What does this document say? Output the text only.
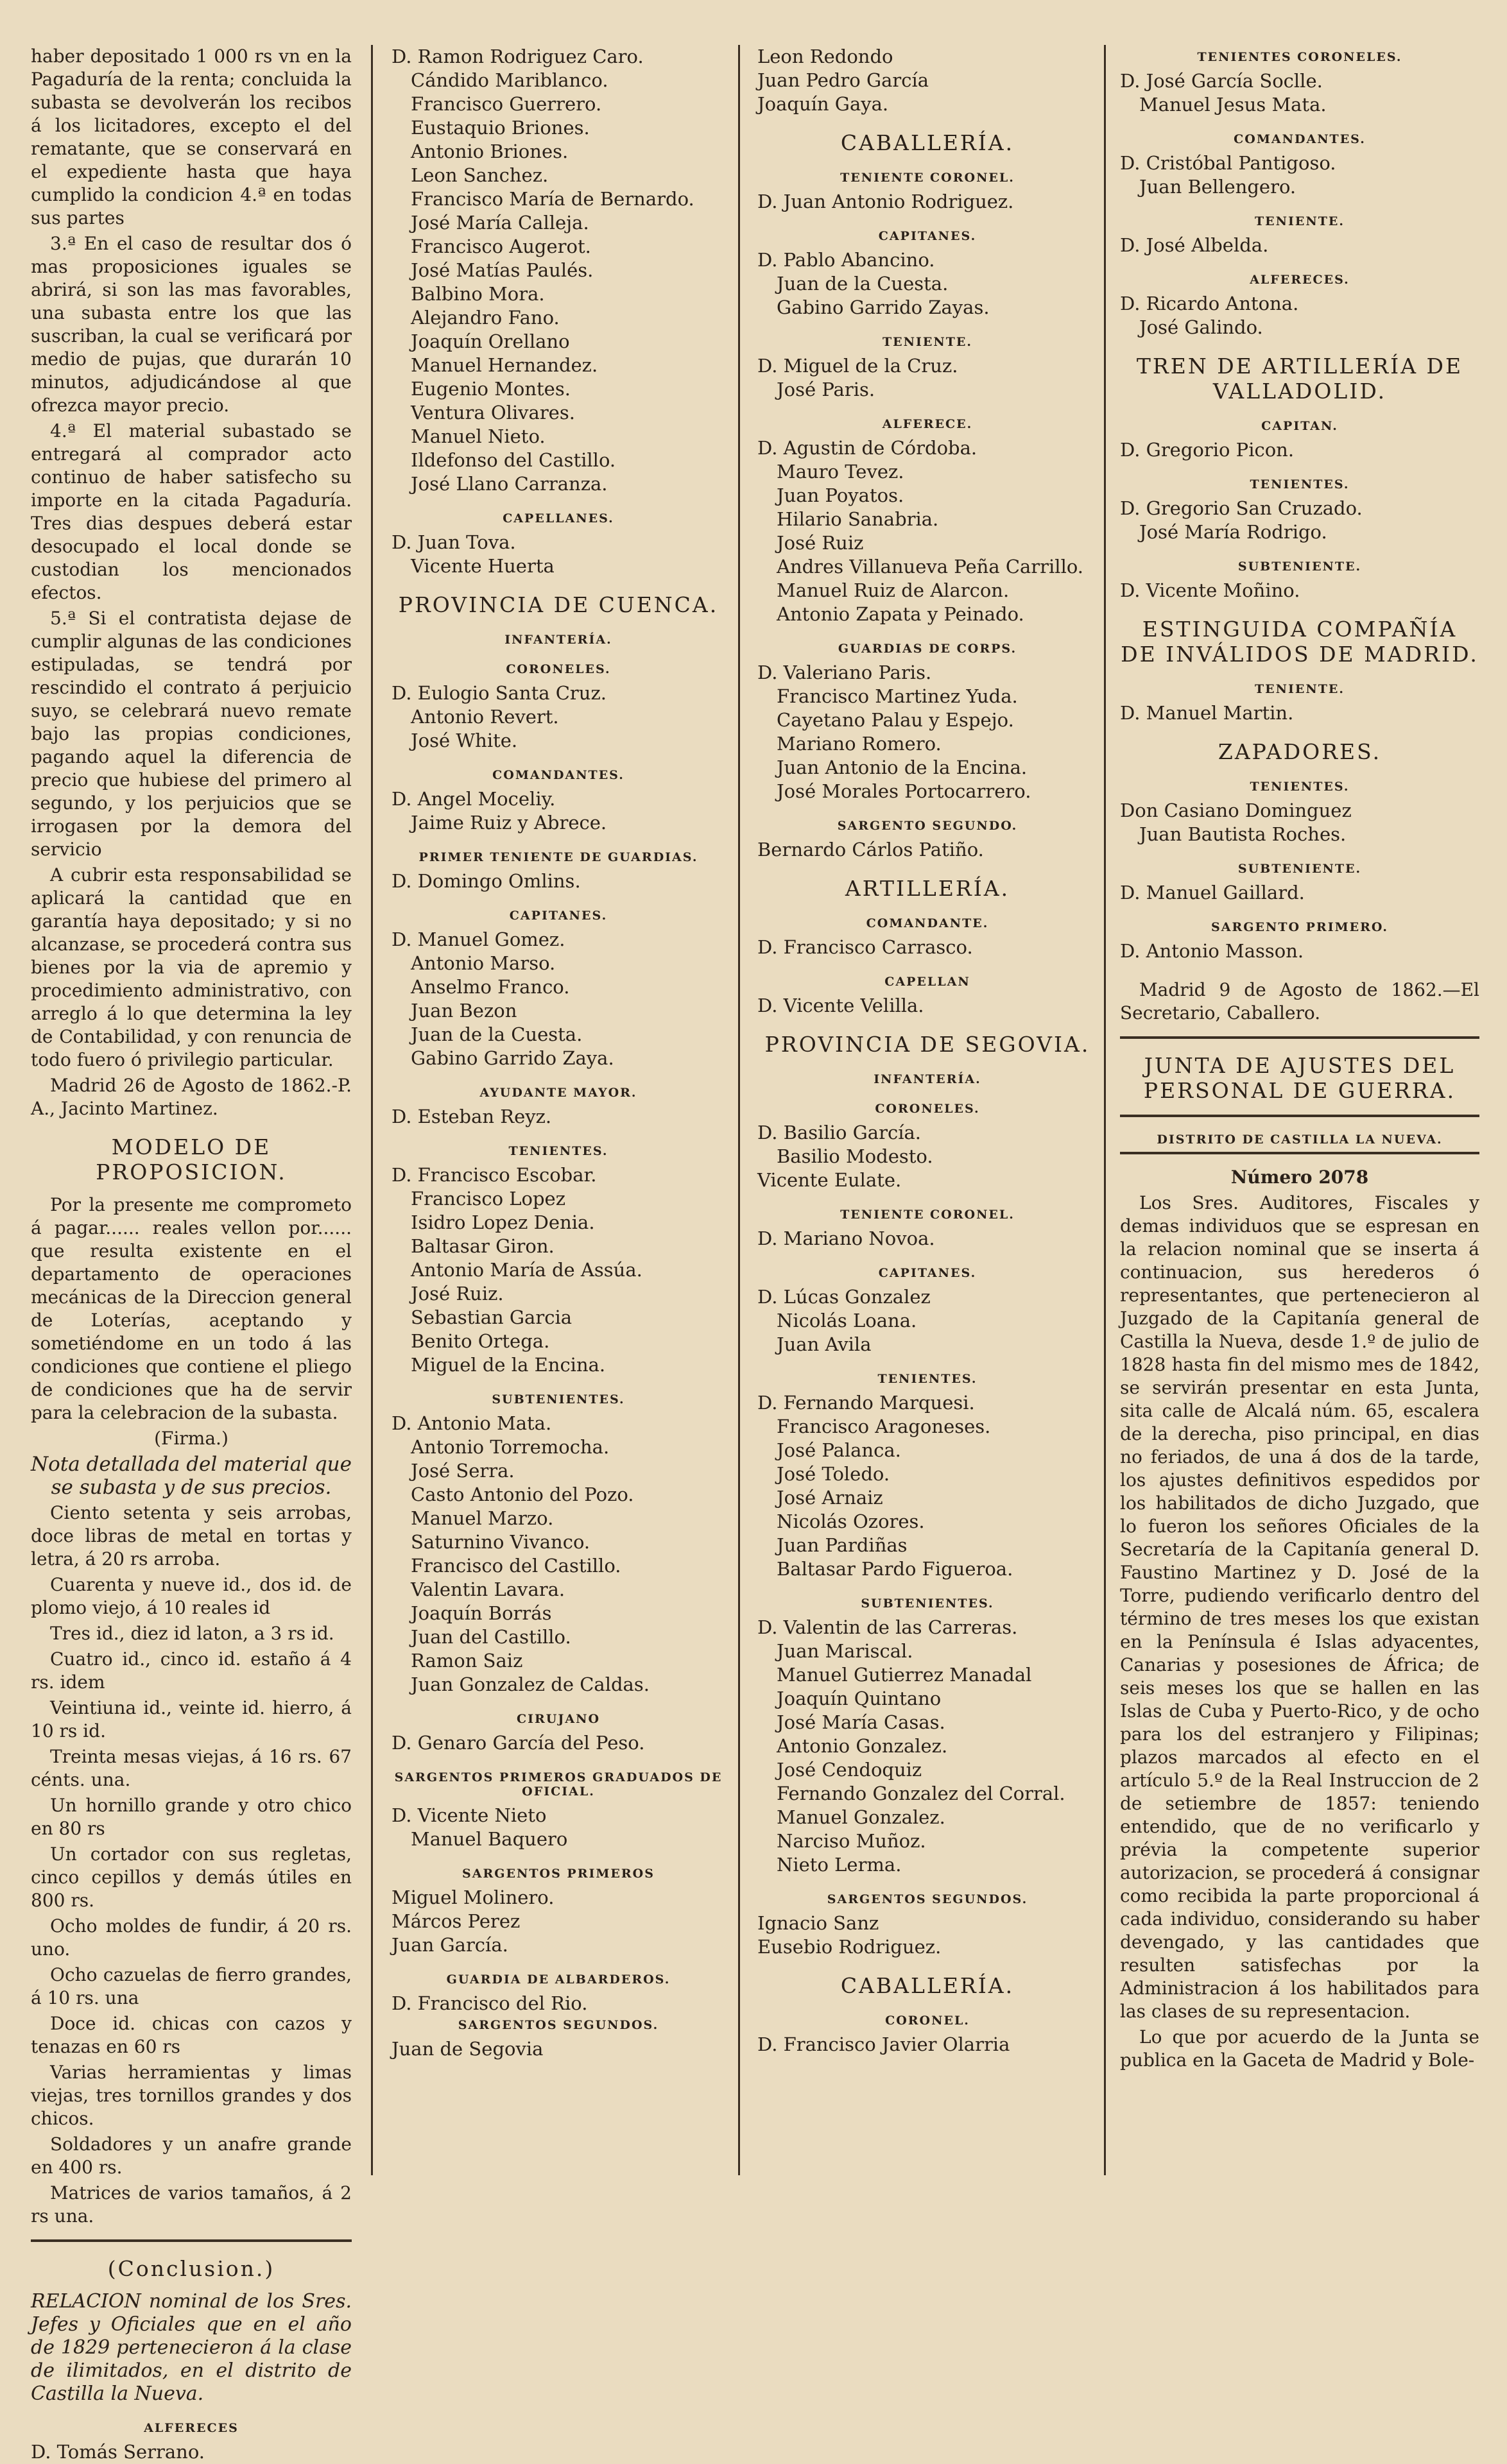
haber depositado 1 000 rs vn en la Pagaduría de la renta; concluida la subasta se devolverán los recibos á los licitadores, excepto el del rematante, que se conservará en el expediente hasta que haya cumplido la condicion 4.ª en todas sus partes

3.ª En el caso de resultar dos ó mas proposiciones iguales se abrirá, si son las mas favorables, una subasta entre los que las suscriban, la cual se verificará por medio de pujas, que durarán 10 minutos, adjudicándose al que ofrezca mayor precio.

4.ª El material subastado se entregará al comprador acto continuo de haber satisfecho su importe en la citada Pagaduría. Tres dias despues deberá estar desocupado el local donde se custodian los mencionados efectos.

5.ª Si el contratista dejase de cumplir algunas de las condiciones estipuladas, se tendrá por rescindido el contrato á perjuicio suyo, se celebrará nuevo remate bajo las propias condiciones, pagando aquel la diferencia de precio que hubiese del primero al segundo, y los perjuicios que se irrogasen por la demora del servicio

A cubrir esta responsabilidad se aplicará la cantidad que en garantía haya depositado; y si no alcanzase, se procederá contra sus bienes por la via de apremio y procedimiento administrativo, con arreglo á lo que determina la ley de Contabilidad, y con renuncia de todo fuero ó privilegio particular.

Madrid 26 de Agosto de 1862.-P. A., Jacinto Martinez.

MODELO DE PROPOSICION.

Por la presente me comprometo á pagar...... reales vellon por...... que resulta existente en el departamento de operaciones mecánicas de la Direccion general de Loterías, aceptando y sometiéndome en un todo á las condiciones que contiene el pliego de condiciones que ha de servir para la celebracion de la subasta.

(Firma.)

Nota detallada del material que se subasta y de sus precios.

Ciento setenta y seis arrobas, doce libras de metal en tortas y letra, á 20 rs arroba.

Cuarenta y nueve id., dos id. de plomo viejo, á 10 reales id

Tres id., diez id laton, a 3 rs id.

Cuatro id., cinco id. estaño á 4 rs. idem

Veintiuna id., veinte id. hierro, á 10 rs id.

Treinta mesas viejas, á 16 rs. 67 cénts. una.

Un hornillo grande y otro chico en 80 rs

Un cortador con sus regletas, cinco cepillos y demás útiles en 800 rs.

Ocho moldes de fundir, á 20 rs. uno.

Ocho cazuelas de fierro grandes, á 10 rs. una

Doce id. chicas con cazos y tenazas en 60 rs

Varias herramientas y limas viejas, tres tornillos grandes y dos chicos.

Soldadores y un anafre grande en 400 rs.

Matrices de varios tamaños, á 2 rs una.

(Conclusion.)

RELACION nominal de los Sres. Jefes y Oficiales que en el año de 1829 pertenecieron á la clase de ilimitados, en el distrito de Castilla la Nueva.

ALFERECES

D. Tomás Serrano.

D. Ramon Rodriguez Caro.

Cándido Mariblanco.

Francisco Guerrero.

Eustaquio Briones.

Antonio Briones.

Leon Sanchez.

Francisco María de Bernardo.

José María Calleja.

Francisco Augerot.

José Matías Paulés.

Balbino Mora.

Alejandro Fano.

Joaquín Orellano

Manuel Hernandez.

Eugenio Montes.

Ventura Olivares.

Manuel Nieto.

Ildefonso del Castillo.

José Llano Carranza.

CAPELLANES.

D. Juan Tova.

Vicente Huerta

PROVINCIA DE CUENCA.
INFANTERÍA.
CORONELES.

D. Eulogio Santa Cruz.

Antonio Revert.

José White.

COMANDANTES.

D. Angel Moceliy.

Jaime Ruiz y Abrece.

PRIMER TENIENTE DE GUARDIAS.

D. Domingo Omlins.

CAPITANES.

D. Manuel Gomez.

Antonio Marso.

Anselmo Franco.

Juan Bezon

Juan de la Cuesta.

Gabino Garrido Zaya.

AYUDANTE MAYOR.

D. Esteban Reyz.

TENIENTES.

D. Francisco Escobar.

Francisco Lopez

Isidro Lopez Denia.

Baltasar Giron.

Antonio María de Assúa.

José Ruiz.

Sebastian Garcia

Benito Ortega.

Miguel de la Encina.

SUBTENIENTES.

D. Antonio Mata.

Antonio Torremocha.

José Serra.

Casto Antonio del Pozo.

Manuel Marzo.

Saturnino Vivanco.

Francisco del Castillo.

Valentin Lavara.

Joaquín Borrás

Juan del Castillo.

Ramon Saiz

Juan Gonzalez de Caldas.

CIRUJANO

D. Genaro García del Peso.

SARGENTOS PRIMEROS GRADUADOS DE OFICIAL.

D. Vicente Nieto

Manuel Baquero

SARGENTOS PRIMEROS

Miguel Molinero.

Márcos Perez

Juan García.

GUARDIA DE ALBARDEROS.

D. Francisco del Rio.

SARGENTOS SEGUNDOS.

Juan de Segovia

Leon Redondo

Juan Pedro García

Joaquín Gaya.

CABALLERÍA.
TENIENTE CORONEL.

D. Juan Antonio Rodriguez.

CAPITANES.

D. Pablo Abancino.

Juan de la Cuesta.

Gabino Garrido Zayas.

TENIENTE.

D. Miguel de la Cruz.

José Paris.

ALFERECE.

D. Agustin de Córdoba.

Mauro Tevez.

Juan Poyatos.

Hilario Sanabria.

José Ruiz

Andres Villanueva Peña Carrillo.

Manuel Ruiz de Alarcon.

Antonio Zapata y Peinado.

GUARDIAS DE CORPS.

D. Valeriano Paris.

Francisco Martinez Yuda.

Cayetano Palau y Espejo.

Mariano Romero.

Juan Antonio de la Encina.

José Morales Portocarrero.

SARGENTO SEGUNDO.

Bernardo Cárlos Patiño.

ARTILLERÍA.
COMANDANTE.

D. Francisco Carrasco.

CAPELLAN

D. Vicente Velilla.

PROVINCIA DE SEGOVIA.
INFANTERÍA.
CORONELES.

D. Basilio García.

Basilio Modesto.

Vicente Eulate.

TENIENTE CORONEL.

D. Mariano Novoa.

CAPITANES.

D. Lúcas Gonzalez

Nicolás Loana.

Juan Avila

TENIENTES.

D. Fernando Marquesi.

Francisco Aragoneses.

José Palanca.

José Toledo.

José Arnaiz

Nicolás Ozores.

Juan Pardiñas

Baltasar Pardo Figueroa.

SUBTENIENTES.

D. Valentin de las Carreras.

Juan Mariscal.

Manuel Gutierrez Manadal

Joaquín Quintano

José María Casas.

Antonio Gonzalez.

José Cendoquiz

Fernando Gonzalez del Corral.

Manuel Gonzalez.

Narciso Muñoz.

Nieto Lerma.

SARGENTOS SEGUNDOS.

Ignacio Sanz

Eusebio Rodriguez.

CABALLERÍA.
CORONEL.

D. Francisco Javier Olarria

TENIENTES CORONELES.

D. José García Soclle.

Manuel Jesus Mata.

COMANDANTES.

D. Cristóbal Pantigoso.

Juan Bellengero.

TENIENTE.

D. José Albelda.

ALFERECES.

D. Ricardo Antona.

José Galindo.

TREN DE ARTILLERÍA DE VALLADOLID.
CAPITAN.

D. Gregorio Picon.

TENIENTES.

D. Gregorio San Cruzado.

José María Rodrigo.

SUBTENIENTE.

D. Vicente Moñino.

ESTINGUIDA COMPAÑÍA DE INVÁLIDOS DE MADRID.
TENIENTE.

D. Manuel Martin.

ZAPADORES.
TENIENTES.

Don Casiano Dominguez

Juan Bautista Roches.

SUBTENIENTE.

D. Manuel Gaillard.

SARGENTO PRIMERO.

D. Antonio Masson.

Madrid 9 de Agosto de 1862.—El Secretario, Caballero.

JUNTA DE AJUSTES DEL PERSONAL DE GUERRA.
DISTRITO DE CASTILLA LA NUEVA.

Número 2078

Los Sres. Auditores, Fiscales y demas individuos que se espresan en la relacion nominal que se inserta á continuacion, sus herederos ó representantes, que pertenecieron al Juzgado de la Capitanía general de Castilla la Nueva, desde 1.º de julio de 1828 hasta fin del mismo mes de 1842, se servirán presentar en esta Junta, sita calle de Alcalá núm. 65, escalera de la derecha, piso principal, en dias no feriados, de una á dos de la tarde, los ajustes definitivos espedidos por los habilitados de dicho Juzgado, que lo fueron los señores Oficiales de la Secretaría de la Capitanía general D. Faustino Martinez y D. José de la Torre, pudiendo verificarlo dentro del término de tres meses los que existan en la Península é Islas adyacentes, Canarias y posesiones de África; de seis meses los que se hallen en las Islas de Cuba y Puerto-Rico, y de ocho para los del estranjero y Filipinas; plazos marcados al efecto en el artículo 5.º de la Real Instruccion de 2 de setiembre de 1857: teniendo entendido, que de no verificarlo y prévia la competente superior autorizacion, se procederá á consignar como recibida la parte proporcional á cada individuo, considerando su haber devengado, y las cantidades que resulten satisfechas por la Administracion á los habilitados para las clases de su representacion.

Lo que por acuerdo de la Junta se publica en la Gaceta de Madrid y Bole-
